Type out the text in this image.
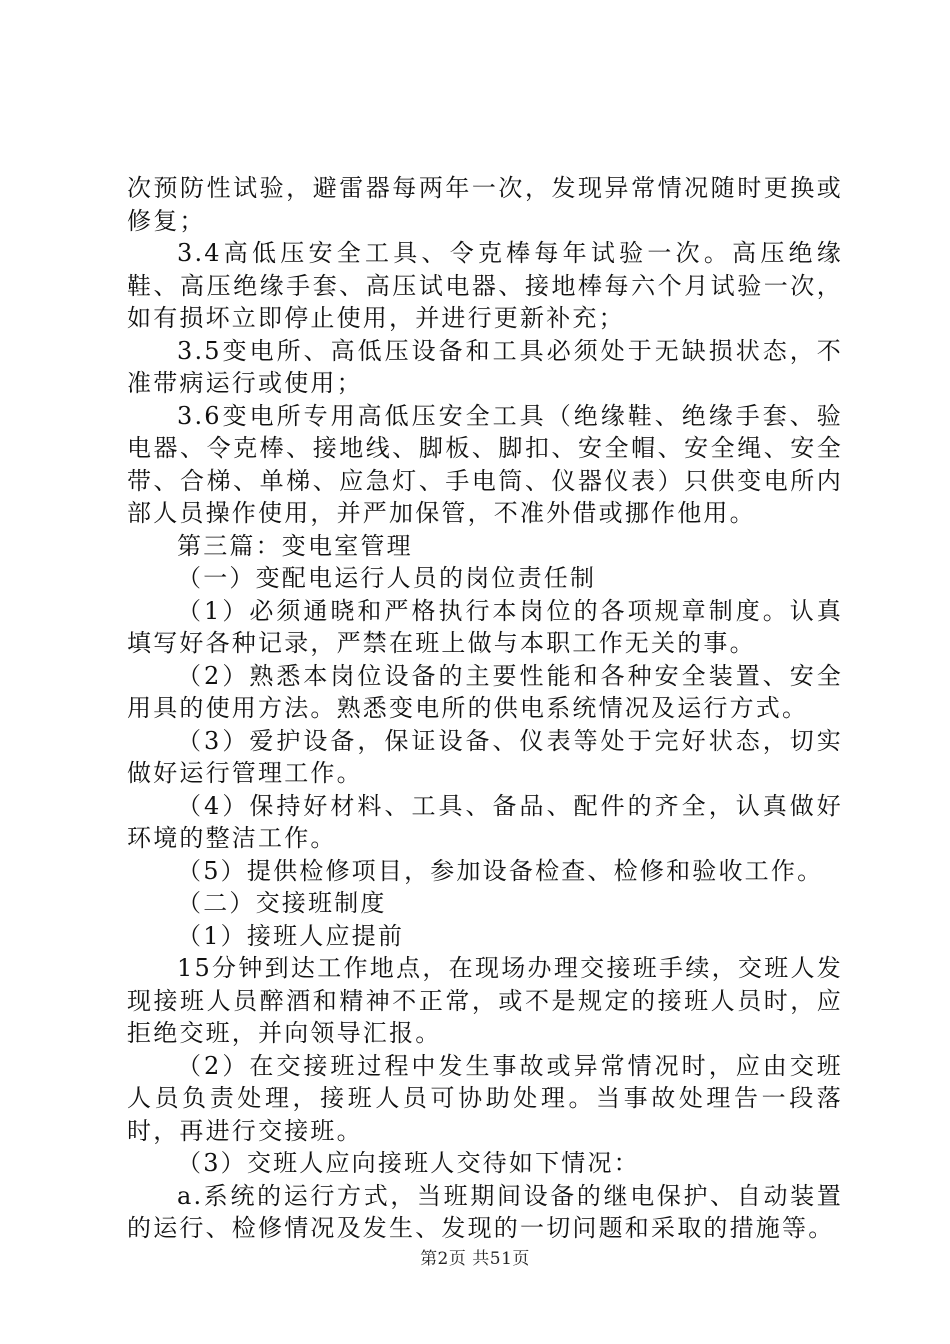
次预防性试验，避雷器每两年一次，发现异常情况随时更换或修复；

3.4高低压安全工具、令克棒每年试验一次。高压绝缘鞋、高压绝缘手套、高压试电器、接地棒每六个月试验一次，如有损坏立即停止使用，并进行更新补充；

3.5变电所、高低压设备和工具必须处于无缺损状态，不准带病运行或使用；

3.6变电所专用高低压安全工具（绝缘鞋、绝缘手套、验电器、令克棒、接地线、脚板、脚扣、安全帽、安全绳、安全带、合梯、单梯、应急灯、手电筒、仪器仪表）只供变电所内部人员操作使用，并严加保管，不准外借或挪作他用。

第三篇：变电室管理

（一）变配电运行人员的岗位责任制

（1）必须通晓和严格执行本岗位的各项规章制度。认真填写好各种记录，严禁在班上做与本职工作无关的事。

（2）熟悉本岗位设备的主要性能和各种安全装置、安全用具的使用方法。熟悉变电所的供电系统情况及运行方式。

（3）爱护设备，保证设备、仪表等处于完好状态，切实做好运行管理工作。

（4）保持好材料、工具、备品、配件的齐全，认真做好环境的整洁工作。

（5）提供检修项目，参加设备检查、检修和验收工作。

（二）交接班制度

（1）接班人应提前

15分钟到达工作地点，在现场办理交接班手续，交班人发现接班人员醉酒和精神不正常，或不是规定的接班人员时，应拒绝交班，并向领导汇报。

（2）在交接班过程中发生事故或异常情况时，应由交班人员负责处理，接班人员可协助处理。当事故处理告一段落时，再进行交接班。

（3）交班人应向接班人交待如下情况：

a.系统的运行方式，当班期间设备的继电保护、自动装置的运行、检修情况及发生、发现的一切问题和采取的措施等。

第2页 共51页
